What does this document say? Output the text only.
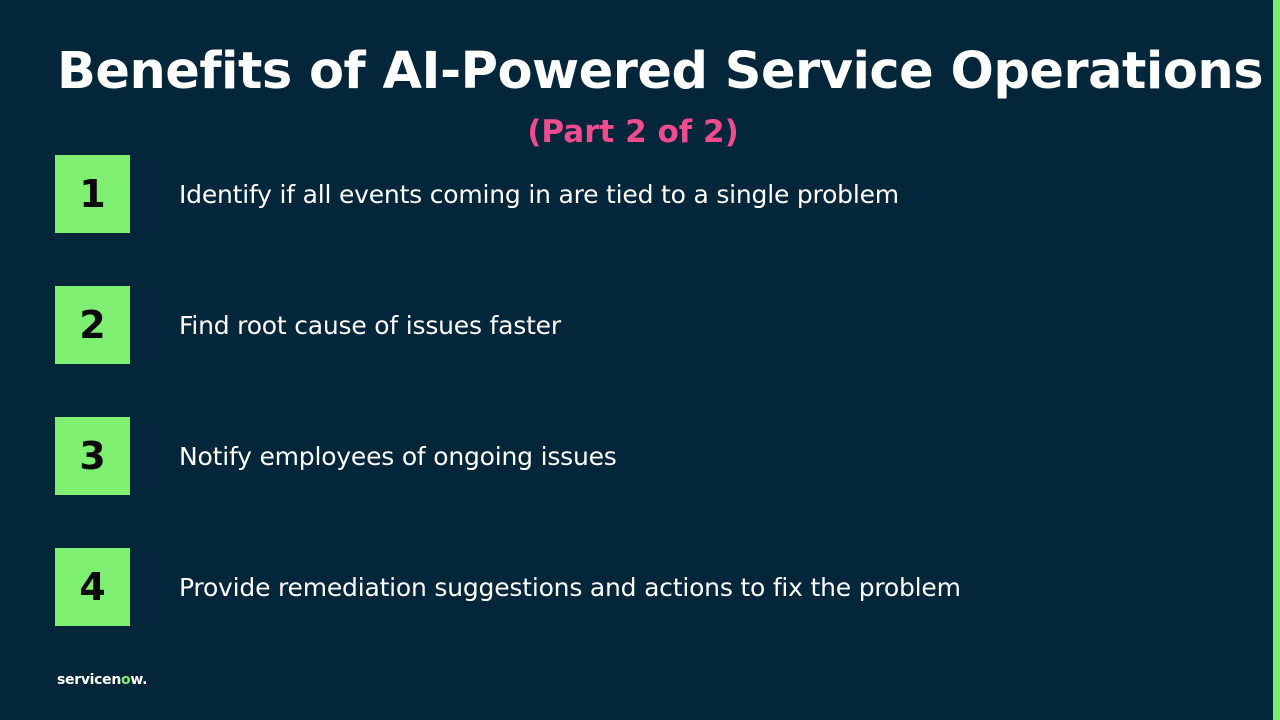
Benefits of AI-Powered Service Operations
(Part 2 of 2)
1	Identify if all events coming in are tied to a single problem
2	Find root cause of issues faster
3	Notify employees of ongoing issues
4	Provide remediation suggestions and actions to fix the problem
servicenow.
